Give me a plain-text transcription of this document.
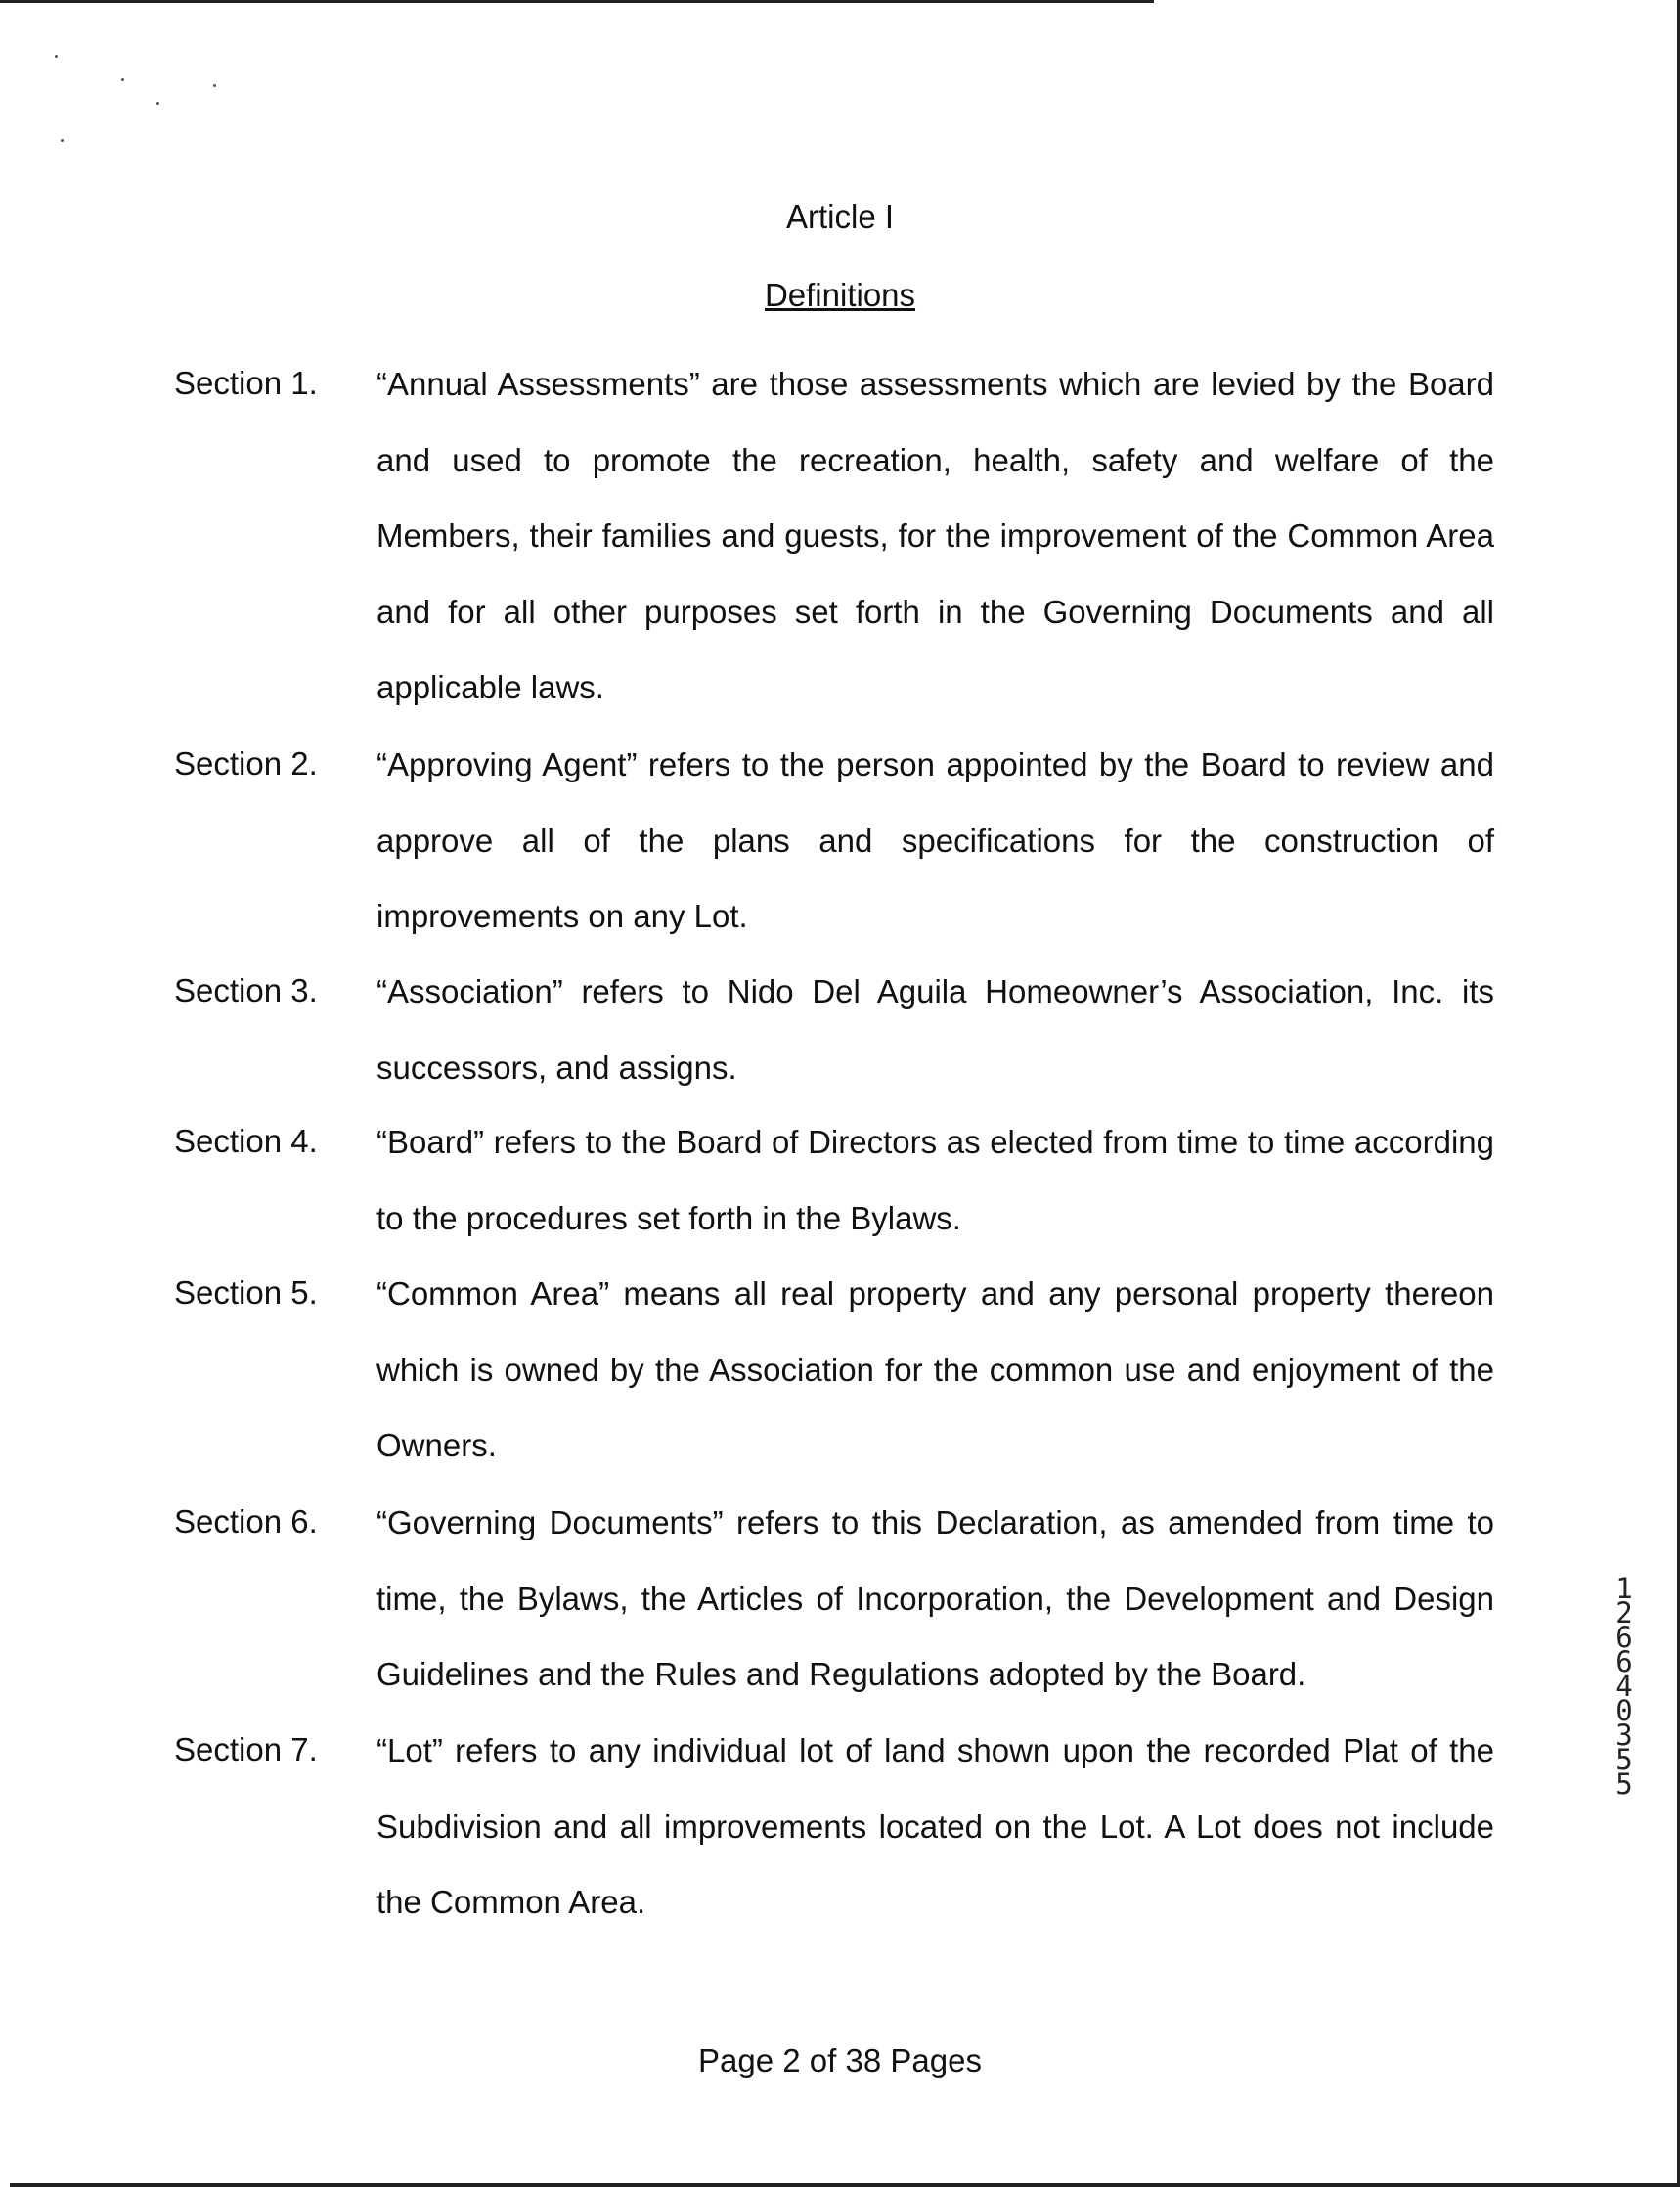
Article I
Definitions
Section 1. “Annual Assessments” are those assessments which are levied by the Board and used to promote the recreation, health, safety and welfare of the Members, their families and guests, for the improvement of the Common Area and for all other purposes set forth in the Governing Documents and all applicable laws.
Section 2. “Approving Agent” refers to the person appointed by the Board to review and approve all of the plans and specifications for the construction of improvements on any Lot.
Section 3. “Association” refers to Nido Del Aguila Homeowner’s Association, Inc. its successors, and assigns.
Section 4. “Board” refers to the Board of Directors as elected from time to time according to the procedures set forth in the Bylaws.
Section 5. “Common Area” means all real property and any personal property thereon which is owned by the Association for the common use and enjoyment of the Owners.
Section 6. “Governing Documents” refers to this Declaration, as amended from time to time, the Bylaws, the Articles of Incorporation, the Development and Design Guidelines and the Rules and Regulations adopted by the Board.
Section 7. “Lot” refers to any individual lot of land shown upon the recorded Plat of the Subdivision and all improvements located on the Lot. A Lot does not include the Common Area.
Page 2 of 38 Pages
12664 0355
